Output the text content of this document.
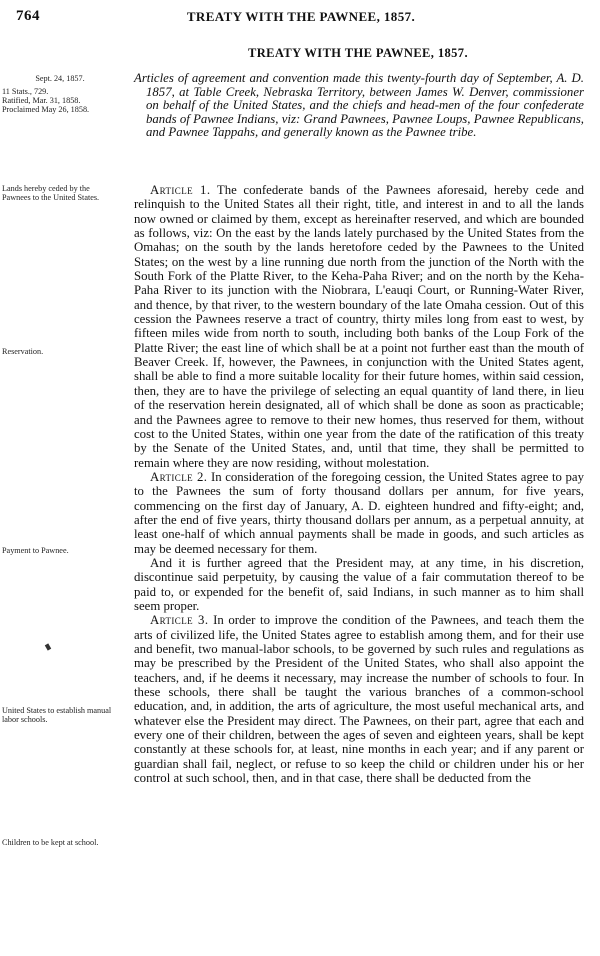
764	TREATY WITH THE PAWNEE, 1857.
TREATY WITH THE PAWNEE, 1857.
Sept. 24, 1857.
11 Stats., 729.
Ratified, Mar. 31, 1858.
Proclaimed May 26, 1858.
Lands hereby ceded by the Pawnees to the United States.
Reservation.
Payment to Pawnee.
United States to establish manual labor schools.
Children to be kept at school.
Articles of agreement and convention made this twenty-fourth day of September, A. D. 1857, at Table Creek, Nebraska Territory, between James W. Denver, commissioner on behalf of the United States, and the chiefs and head-men of the four confederate bands of Pawnee Indians, viz: Grand Pawnees, Pawnee Loups, Pawnee Republicans, and Pawnee Tappahs, and generally known as the Pawnee tribe.

Article 1. The confederate bands of the Pawnees aforesaid, hereby cede and relinquish to the United States all their right, title, and interest in and to all the lands now owned or claimed by them, except as hereinafter reserved, and which are bounded as follows, viz: On the east by the lands lately purchased by the United States from the Omahas; on the south by the lands heretofore ceded by the Pawnees to the United States; on the west by a line running due north from the junction of the North with the South Fork of the Platte River, to the Keha-Paha River; and on the north by the Keha-Paha River to its junction with the Niobrara, L'eauqi Court, or Running-Water River, and thence, by that river, to the western boundary of the late Omaha cession. Out of this cession the Pawnees reserve a tract of country, thirty miles long from east to west, by fifteen miles wide from north to south, including both banks of the Loup Fork of the Platte River; the east line of which shall be at a point not further east than the mouth of Beaver Creek. If, however, the Pawnees, in conjunction with the United States agent, shall be able to find a more suitable locality for their future homes, within said cession, then, they are to have the privilege of selecting an equal quantity of land there, in lieu of the reservation herein designated, all of which shall be done as soon as practicable; and the Pawnees agree to remove to their new homes, thus reserved for them, without cost to the United States, within one year from the date of the ratification of this treaty by the Senate of the United States, and, until that time, they shall be permitted to remain where they are now residing, without molestation.

Article 2. In consideration of the foregoing cession, the United States agree to pay to the Pawnees the sum of forty thousand dollars per annum, for five years, commencing on the first day of January, A. D. eighteen hundred and fifty-eight; and, after the end of five years, thirty thousand dollars per annum, as a perpetual annuity, at least one-half of which annual payments shall be made in goods, and such articles as may be deemed necessary for them.

And it is further agreed that the President may, at any time, in his discretion, discontinue said perpetuity, by causing the value of a fair commutation thereof to be paid to, or expended for the benefit of, said Indians, in such manner as to him shall seem proper.

Article 3. In order to improve the condition of the Pawnees, and teach them the arts of civilized life, the United States agree to establish among them, and for their use and benefit, two manual-labor schools, to be governed by such rules and regulations as may be prescribed by the President of the United States, who shall also appoint the teachers, and, if he deems it necessary, may increase the number of schools to four. In these schools, there shall be taught the various branches of a common-school education, and, in addition, the arts of agriculture, the most useful mechanical arts, and whatever else the President may direct. The Pawnees, on their part, agree that each and every one of their children, between the ages of seven and eighteen years, shall be kept constantly at these schools for, at least, nine months in each year; and if any parent or guardian shall fail, neglect, or refuse to so keep the child or children under his or her control at such school, then, and in that case, there shall be deducted from the
